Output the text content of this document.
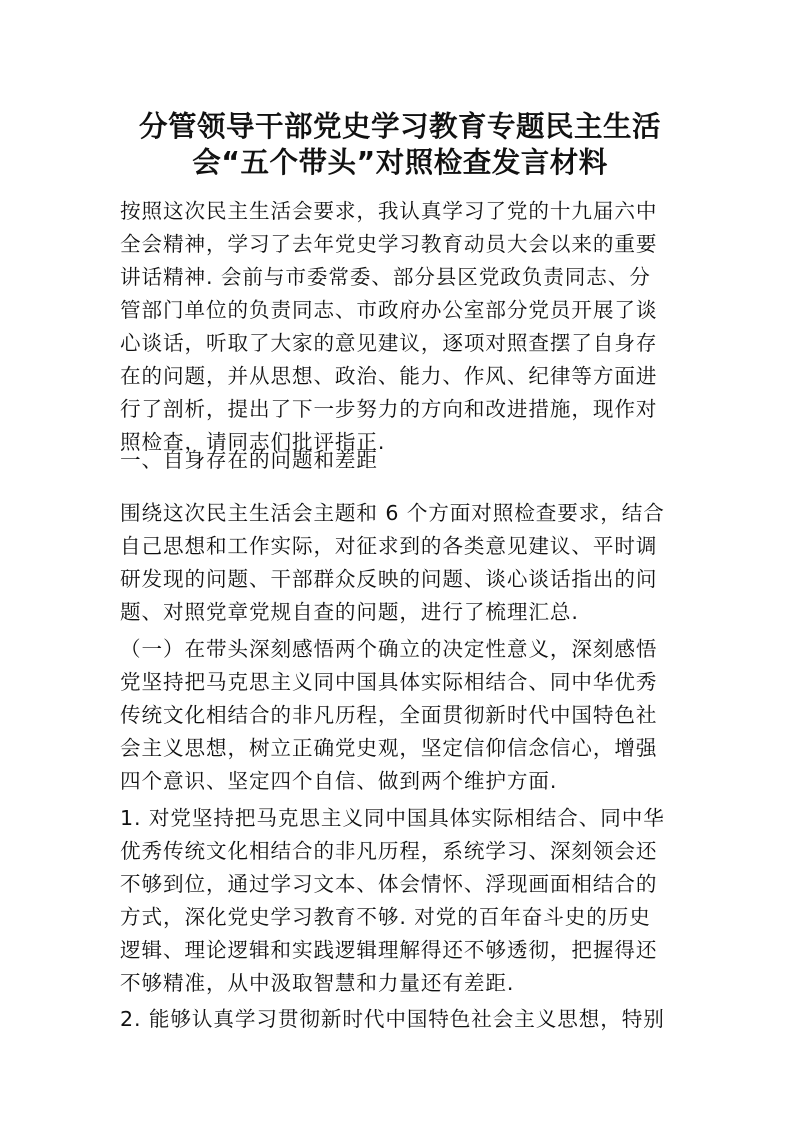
分管领导干部党史学习教育专题民主生活
会“五个带头”对照检查发言材料

按照这次民主生活会要求，我认真学习了党的十九届六中
全会精神，学习了去年党史学习教育动员大会以来的重要
讲话精神. 会前与市委常委、部分县区党政负责同志、分
管部门单位的负责同志、市政府办公室部分党员开展了谈
心谈话，听取了大家的意见建议，逐项对照查摆了自身存
在的问题，并从思想、政治、能力、作风、纪律等方面进
行了剖析，提出了下一步努力的方向和改进措施，现作对
照检查，请同志们批评指正.

一、自身存在的问题和差距

围绕这次民主生活会主题和 6 个方面对照检查要求，结合
自己思想和工作实际，对征求到的各类意见建议、平时调
研发现的问题、干部群众反映的问题、谈心谈话指出的问
题、对照党章党规自查的问题，进行了梳理汇总.

（一）在带头深刻感悟两个确立的决定性意义，深刻感悟
党坚持把马克思主义同中国具体实际相结合、同中华优秀
传统文化相结合的非凡历程，全面贯彻新时代中国特色社
会主义思想，树立正确党史观，坚定信仰信念信心，增强
四个意识、坚定四个自信、做到两个维护方面.

1. 对党坚持把马克思主义同中国具体实际相结合、同中华
优秀传统文化相结合的非凡历程，系统学习、深刻领会还
不够到位，通过学习文本、体会情怀、浮现画面相结合的
方式，深化党史学习教育不够. 对党的百年奋斗史的历史
逻辑、理论逻辑和实践逻辑理解得还不够透彻，把握得还
不够精准，从中汲取智慧和力量还有差距.

2. 能够认真学习贯彻新时代中国特色社会主义思想，特别
